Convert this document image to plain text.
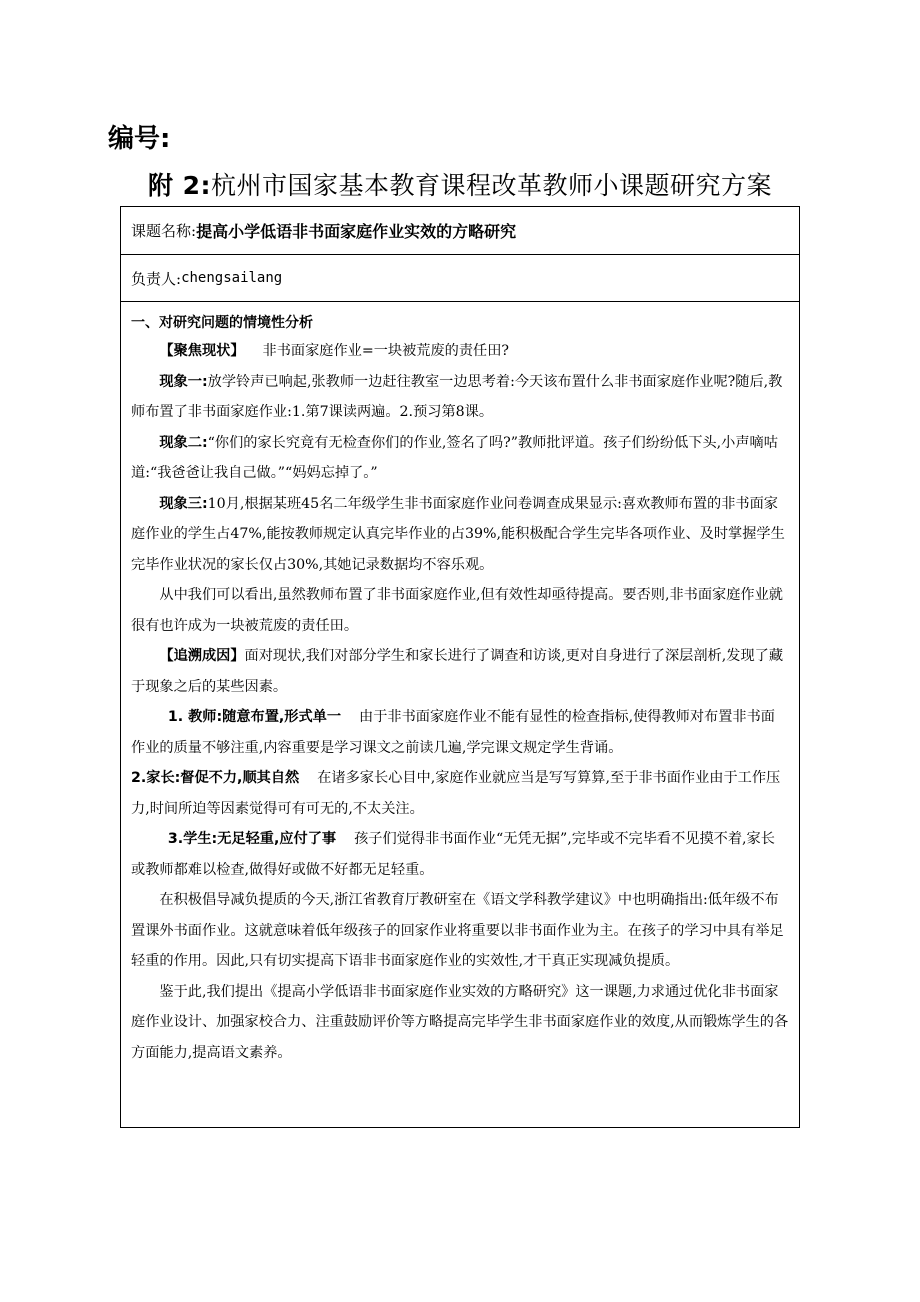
编号:
附 2:杭州市国家基本教育课程改革教师小课题研究方案
课题名称: 提高小学低语非书面家庭作业实效的方略研究
负责人: chengsailang

一、对研究问题的情境性分析

【聚焦现状】 非书面家庭作业=一块被荒废的责任田?

现象一:放学铃声已响起,张教师一边赶往教室一边思考着:今天该布置什么非书面家庭作业呢?随后,教师布置了非书面家庭作业:1.第7课读两遍。2.预习第8课。

现象二:“你们的家长究竟有无检查你们的作业,签名了吗?”教师批评道。孩子们纷纷低下头,小声嘀咕道:“我爸爸让我自己做。”“妈妈忘掉了。”

现象三:10月,根据某班45名二年级学生非书面家庭作业问卷调查成果显示:喜欢教师布置的非书面家庭作业的学生占47%,能按教师规定认真完毕作业的占39%,能积极配合学生完毕各项作业、及时掌握学生完毕作业状况的家长仅占30%,其她记录数据均不容乐观。

从中我们可以看出,虽然教师布置了非书面家庭作业,但有效性却亟待提高。要否则,非书面家庭作业就很有也许成为一块被荒废的责任田。

【追溯成因】面对现状,我们对部分学生和家长进行了调查和访谈,更对自身进行了深层剖析,发现了藏于现象之后的某些因素。

1. 教师:随意布置,形式单一 由于非书面家庭作业不能有显性的检查指标,使得教师对布置非书面作业的质量不够注重,内容重要是学习课文之前读几遍,学完课文规定学生背诵。

2.家长:督促不力,顺其自然 在诸多家长心目中,家庭作业就应当是写写算算,至于非书面作业由于工作压力,时间所迫等因素觉得可有可无的,不太关注。

3.学生:无足轻重,应付了事 孩子们觉得非书面作业“无凭无据”,完毕或不完毕看不见摸不着,家长或教师都难以检查,做得好或做不好都无足轻重。

在积极倡导减负提质的今天,浙江省教育厅教研室在《语文学科教学建议》中也明确指出:低年级不布置课外书面作业。这就意味着低年级孩子的回家作业将重要以非书面作业为主。在孩子的学习中具有举足轻重的作用。因此,只有切实提高下语非书面家庭作业的实效性,才干真正实现减负提质。

鉴于此,我们提出《提高小学低语非书面家庭作业实效的方略研究》这一课题,力求通过优化非书面家庭作业设计、加强家校合力、注重鼓励评价等方略提高完毕学生非书面家庭作业的效度,从而锻炼学生的各方面能力,提高语文素养。
